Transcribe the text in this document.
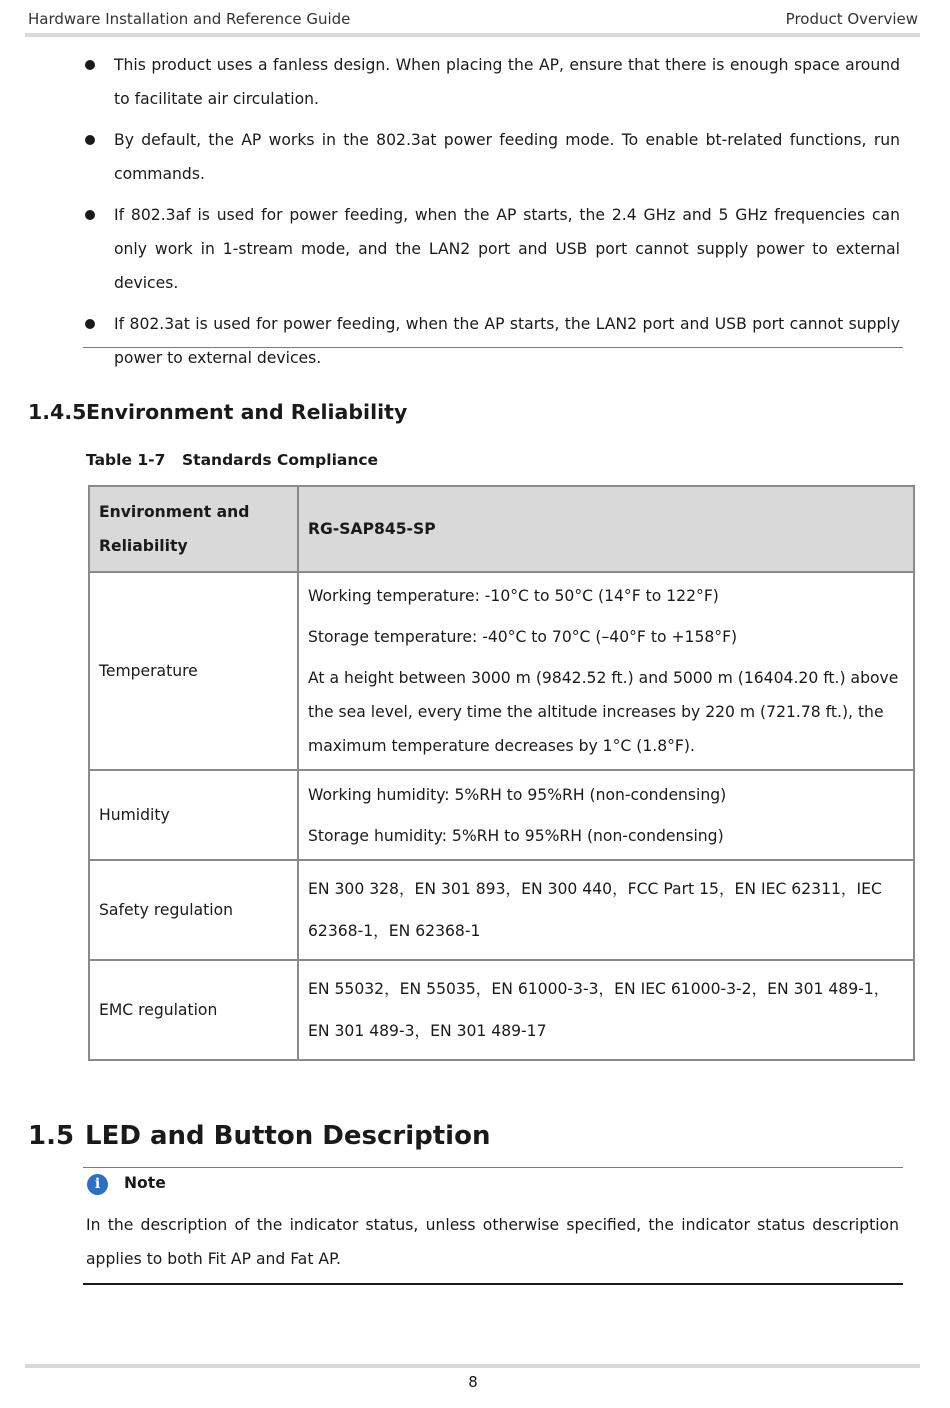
Hardware Installation and Reference Guide	Product Overview
This product uses a fanless design. When placing the AP, ensure that there is enough space around to facilitate air circulation.
By default, the AP works in the 802.3at power feeding mode. To enable bt-related functions, run commands.
If 802.3af is used for power feeding, when the AP starts, the 2.4 GHz and 5 GHz frequencies can only work in 1-stream mode, and the LAN2 port and USB port cannot supply power to external devices.
If 802.3at is used for power feeding, when the AP starts, the LAN2 port and USB port cannot supply power to external devices.
1.4.5Environment and Reliability
Table 1-7 Standards Compliance
Environment and Reliability	RG-SAP845-SP
Temperature	Working temperature: -10°C to 50°C (14°F to 122°F)

Storage temperature: -40°C to 70°C (–40°F to +158°F)

At a height between 3000 m (9842.52 ft.) and 5000 m (16404.20 ft.) above the sea level, every time the altitude increases by 220 m (721.78 ft.), the maximum temperature decreases by 1°C (1.8°F).

Humidity	Working humidity: 5%RH to 95%RH (non-condensing)

Storage humidity: 5%RH to 95%RH (non-condensing)

Safety regulation	EN 300 328，EN 301 893，EN 300 440，FCC Part 15，EN IEC 62311，IEC 62368-1，EN 62368-1

EMC regulation	EN 55032，EN 55035，EN 61000-3-3，EN IEC 61000-3-2，EN 301 489-1，EN 301 489-3，EN 301 489-17

1.5 LED and Button Description
i	Note
In the description of the indicator status, unless otherwise specified, the indicator status description applies to both Fit AP and Fat AP.
8
